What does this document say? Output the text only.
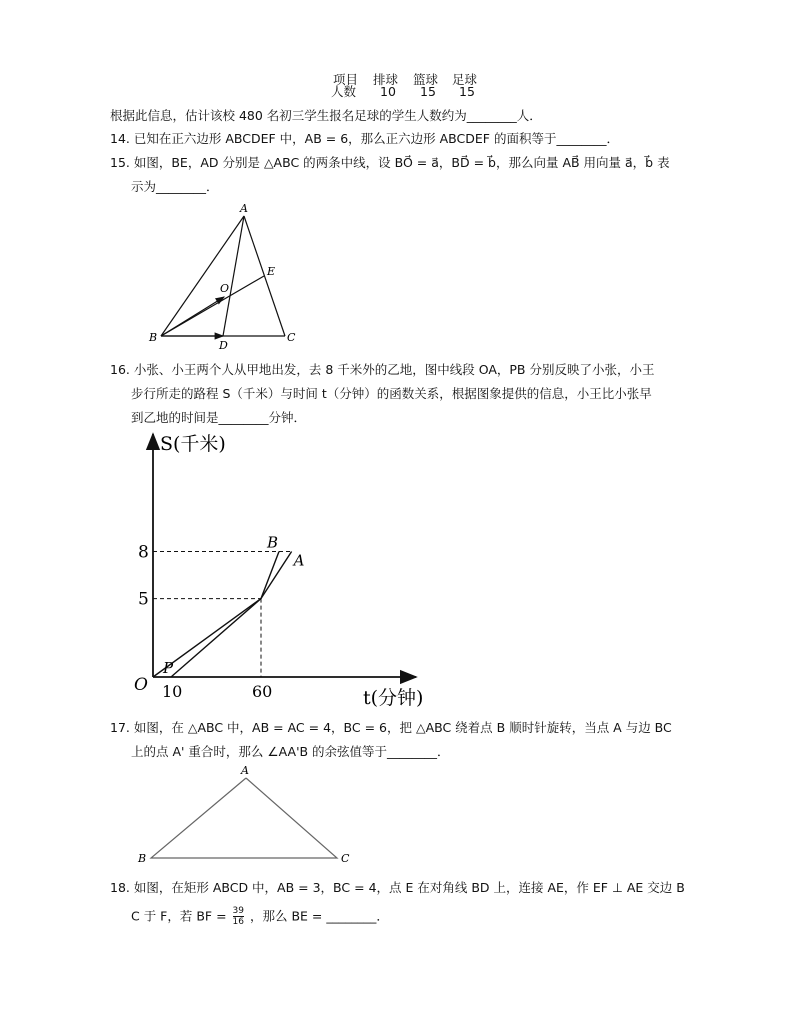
项目 排球 篮球 足球
人数 10 15 15
根据此信息，估计该校 480 名初三学生报名足球的学生人数约为________人．
14. 已知在正六边形 ABCDEF 中，AB = 6，那么正六边形 ABCDEF 的面积等于________．
15. 如图，BE，AD 分别是 △ABC 的两条中线，设 BO⃗ = a⃗，BD⃗ = b⃗，那么向量 AB⃗ 用向量 a⃗，b⃗ 表
示为________．
A
B	C
D
E
O
16. 小张、小王两个人从甲地出发，去 8 千米外的乙地，图中线段 OA，PB 分别反映了小张，小王
步行所走的路程 S（千米）与时间 t（分钟）的函数关系，根据图象提供的信息，小王比小张早
到乙地的时间是________分钟．
S(千米)
t(分钟)
O
8
5
10	60
A
B
P
17. 如图，在 △ABC 中，AB = AC = 4，BC = 6，把 △ABC 绕着点 B 顺时针旋转，当点 A 与边 BC
上的点 A' 重合时，那么 ∠AA'B 的余弦值等于________．
A
B	C
18. 如图，在矩形 ABCD 中，AB = 3，BC = 4，点 E 在对角线 BD 上，连接 AE，作 EF ⊥ AE 交边 B
C 于 F，若 BF = $\frac{39}{16}$ ，那么 BE = ________．
